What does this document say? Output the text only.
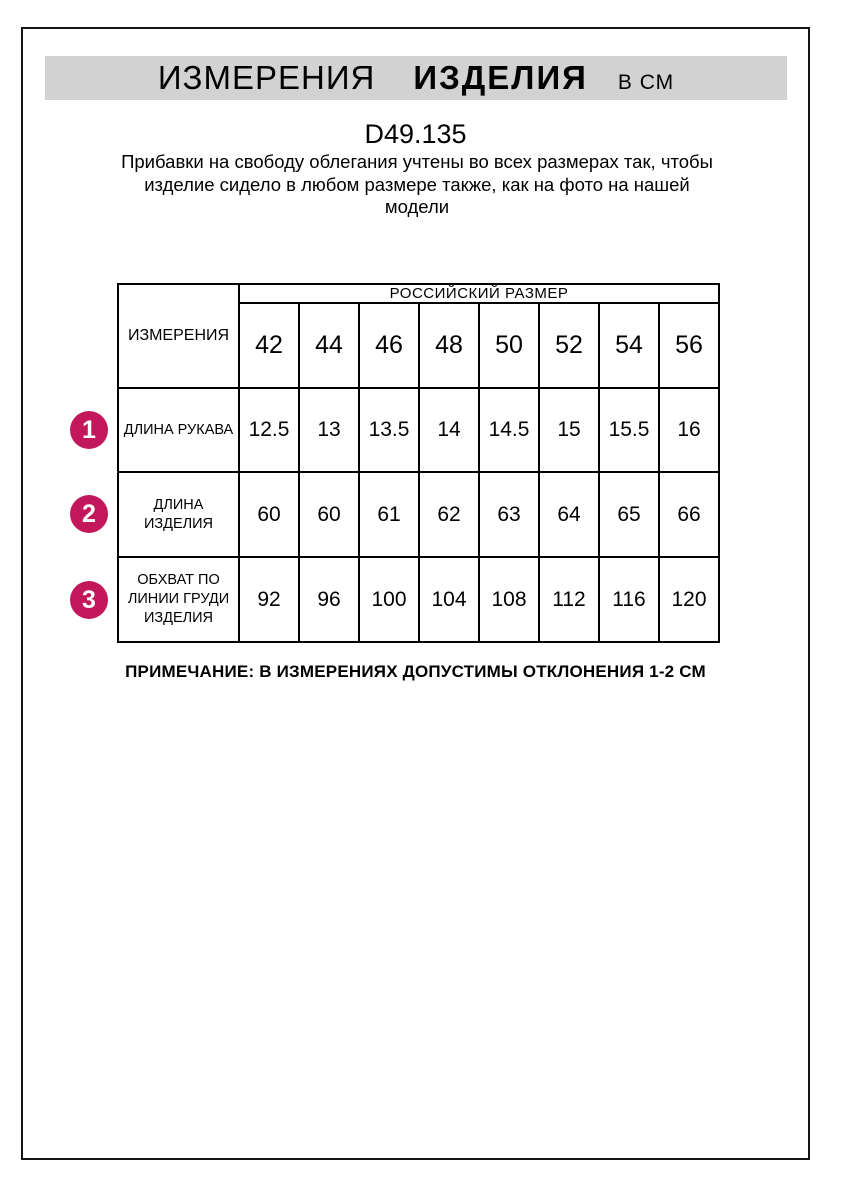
ИЗМЕРЕНИЯ ИЗДЕЛИЯ В СМ
D49.135
Прибавки на свободу облегания учтены во всех размерах так, чтобы изделие сидело в любом размере также, как на фото на нашей модели
ИЗМЕРЕНИЯ	РОССИЙСКИЙ РАЗМЕР							
	42	44	46	48	50	52	54	56

ДЛИНА РУКАВА	12.5	13	13.5	14	14.5	15	15.5	16

ДЛИНА ИЗДЕЛИЯ	60	60	61	62	63	64	65	66

ОБХВАТ ПО ЛИНИИ ГРУДИ ИЗДЕЛИЯ	92	96	100	104	108	112	116	120
1
2
3
ПРИМЕЧАНИЕ: В ИЗМЕРЕНИЯХ ДОПУСТИМЫ ОТКЛОНЕНИЯ 1-2 СМ
